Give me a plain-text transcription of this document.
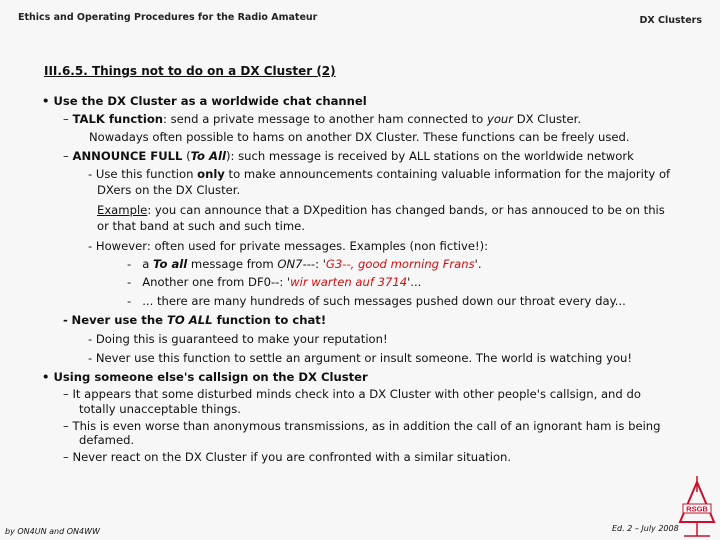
Ethics and Operating Procedures for the Radio Amateur	DX Clusters
III.6.5. Things not to do on a DX Cluster (2)
• Use the DX Cluster as a worldwide chat channel
– TALK function: send a private message to another ham connected to your DX Cluster.
Nowadays often possible to hams on another DX Cluster. These functions can be freely used.
– ANNOUNCE FULL (To All): such message is received by ALL stations on the worldwide network
- Use this function only to make announcements containing valuable information for the majority of
DXers on the DX Cluster.
Example: you can announce that a DXpedition has changed bands, or has annouced to be on this
or that band at such and such time.
- However: often used for private messages. Examples (non fictive!):
- a To all message from ON7---: 'G3--, good morning Frans'.
- Another one from DF0--: 'wir warten auf 3714'...
- ... there are many hundreds of such messages pushed down our throat every day...
- Never use the TO ALL function to chat!
- Doing this is guaranteed to make your reputation!
- Never use this function to settle an argument or insult someone. The world is watching you!
• Using someone else's callsign on the DX Cluster
– It appears that some disturbed minds check into a DX Cluster with other people's callsign, and do
totally unacceptable things.
– This is even worse than anonymous transmissions, as in addition the call of an ignorant ham is being
defamed.
– Never react on the DX Cluster if you are confronted with a similar situation.
by ON4UN and ON4WW	Ed. 2 – July 2008
RSGB
